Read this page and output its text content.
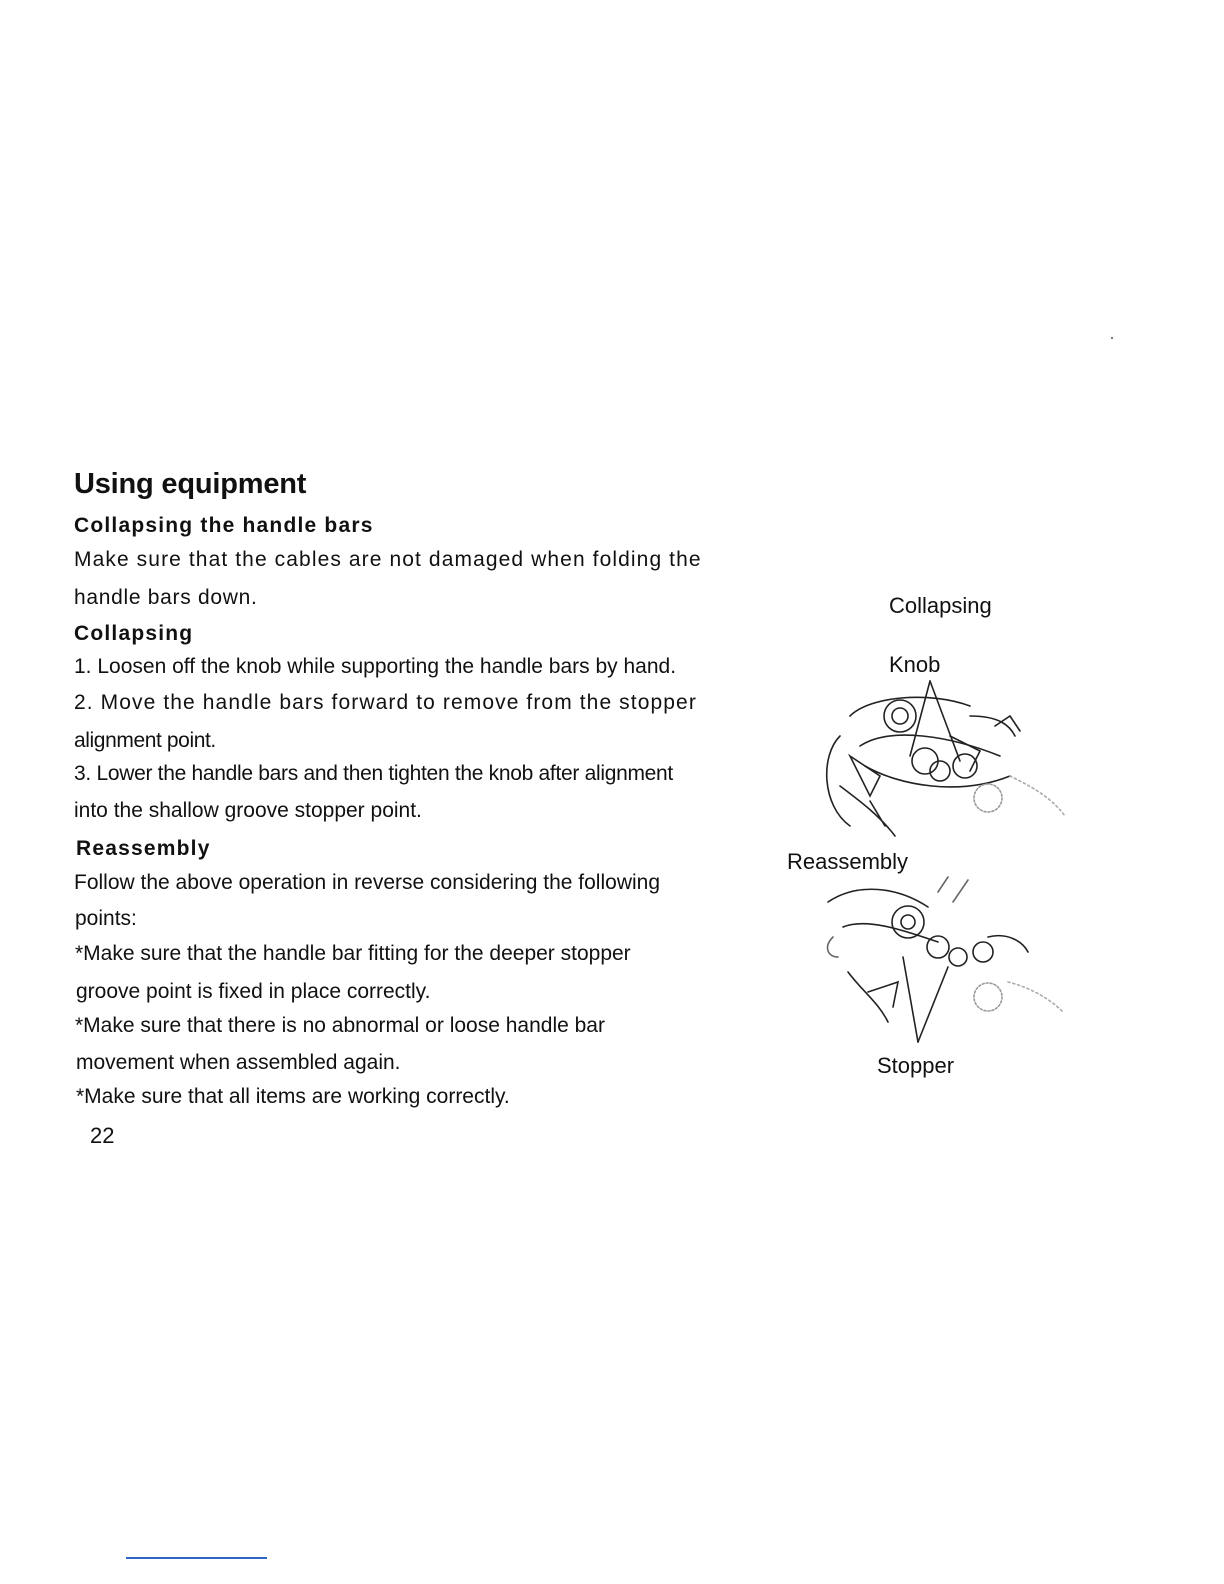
Using equipment
Collapsing the handle bars
Make sure that the cables are not damaged when folding the
handle bars down.
Collapsing
1. Loosen off the knob while supporting the handle bars by hand.
2. Move the handle bars forward to remove from the stopper
alignment point.
3. Lower the handle bars and then tighten the knob after alignment
into the shallow groove stopper point.
Reassembly
Follow the above operation in reverse considering the following
points:
*Make sure that the handle bar fitting for the deeper stopper
groove point is fixed in place correctly.
*Make sure that there is no abnormal or loose handle bar
movement when assembled again.
*Make sure that all items are working correctly.
22
Collapsing
Knob
Reassembly
Stopper
